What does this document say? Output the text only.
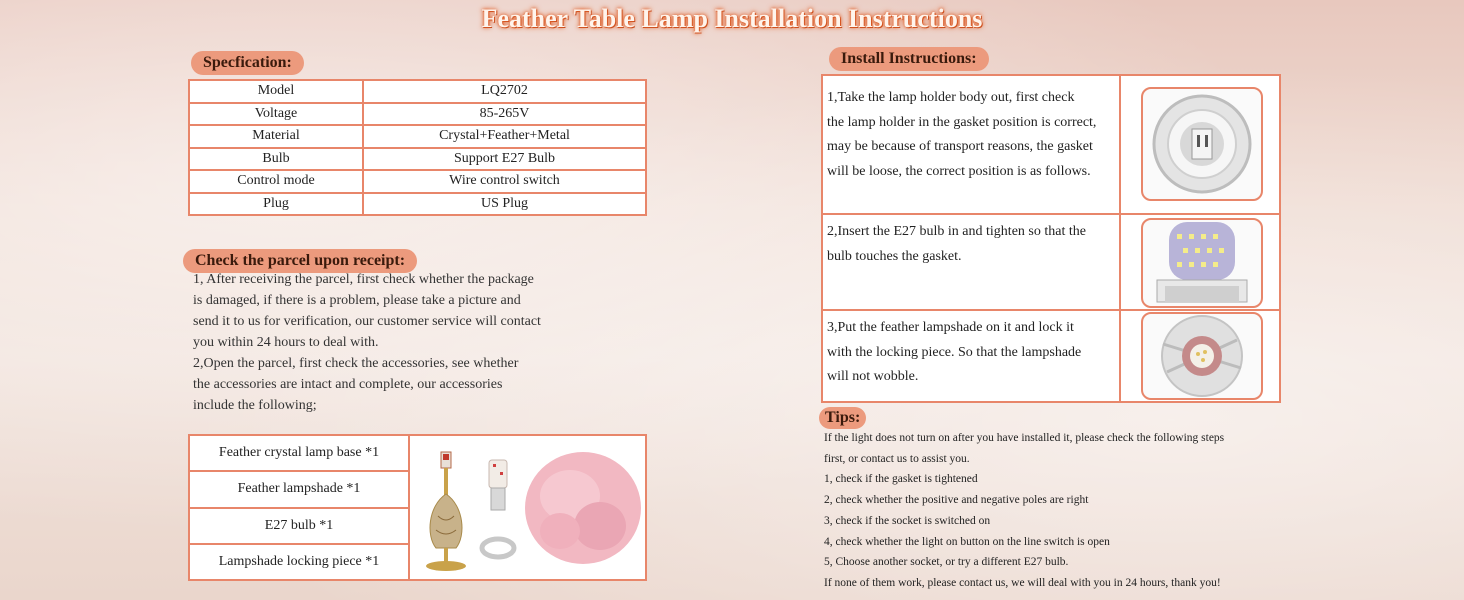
Feather Table Lamp Installation Instructions
Specfication:
Model	LQ2702
Voltage	85-265V
Material	Crystal+Feather+Metal
Bulb	Support E27 Bulb
Control mode	Wire control switch
Plug	US Plug
Check the parcel upon receipt:
1, After receiving the parcel, first check whether the package
is damaged, if there is a problem, please take a picture and
send it to us for verification, our customer service will contact
you within 24 hours to deal with.
2,Open the parcel, first check the accessories, see whether
the accessories are intact and complete, our accessories
include the following;
Feather crystal lamp base *1
Feather lampshade *1
E27 bulb *1
Lampshade locking piece *1
Install Instructions:
1,Take the lamp holder body out, first check
the lamp holder in the gasket position is correct,
may be because of transport reasons, the gasket
will be loose, the correct position is as follows.
2,Insert the E27 bulb in and tighten so that the
bulb touches the gasket.
3,Put the feather lampshade on it and lock it
with the locking piece. So that the lampshade
will not wobble.
Tips:
If the light does not turn on after you have installed it, please check the following steps
first, or contact us to assist you.
1, check if the gasket is tightened
2, check whether the positive and negative poles are right
3, check if the socket is switched on
4, check whether the light on button on the line switch is open
5, Choose another socket, or try a different E27 bulb.
If none of them work, please contact us, we will deal with you in 24 hours, thank you!
